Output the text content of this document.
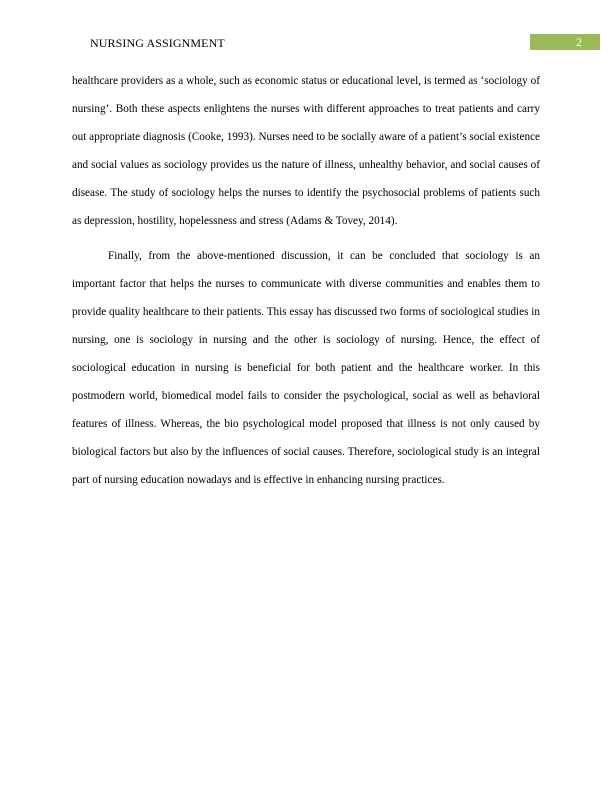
NURSING ASSIGNMENT	2

healthcare providers as a whole, such as economic status or educational level, is termed as ‘sociology of nursing’. Both these aspects enlightens the nurses with different approaches to treat patients and carry out appropriate diagnosis (Cooke, 1993). Nurses need to be socially aware of a patient’s social existence and social values as sociology provides us the nature of illness, unhealthy behavior, and social causes of disease. The study of sociology helps the nurses to identify the psychosocial problems of patients such as depression, hostility, hopelessness and stress (Adams & Tovey, 2014).

Finally, from the above-mentioned discussion, it can be concluded that sociology is an important factor that helps the nurses to communicate with diverse communities and enables them to provide quality healthcare to their patients. This essay has discussed two forms of sociological studies in nursing, one is sociology in nursing and the other is sociology of nursing. Hence, the effect of sociological education in nursing is beneficial for both patient and the healthcare worker. In this postmodern world, biomedical model fails to consider the psychological, social as well as behavioral features of illness. Whereas, the bio psychological model proposed that illness is not only caused by biological factors but also by the influences of social causes. Therefore, sociological study is an integral part of nursing education nowadays and is effective in enhancing nursing practices.
